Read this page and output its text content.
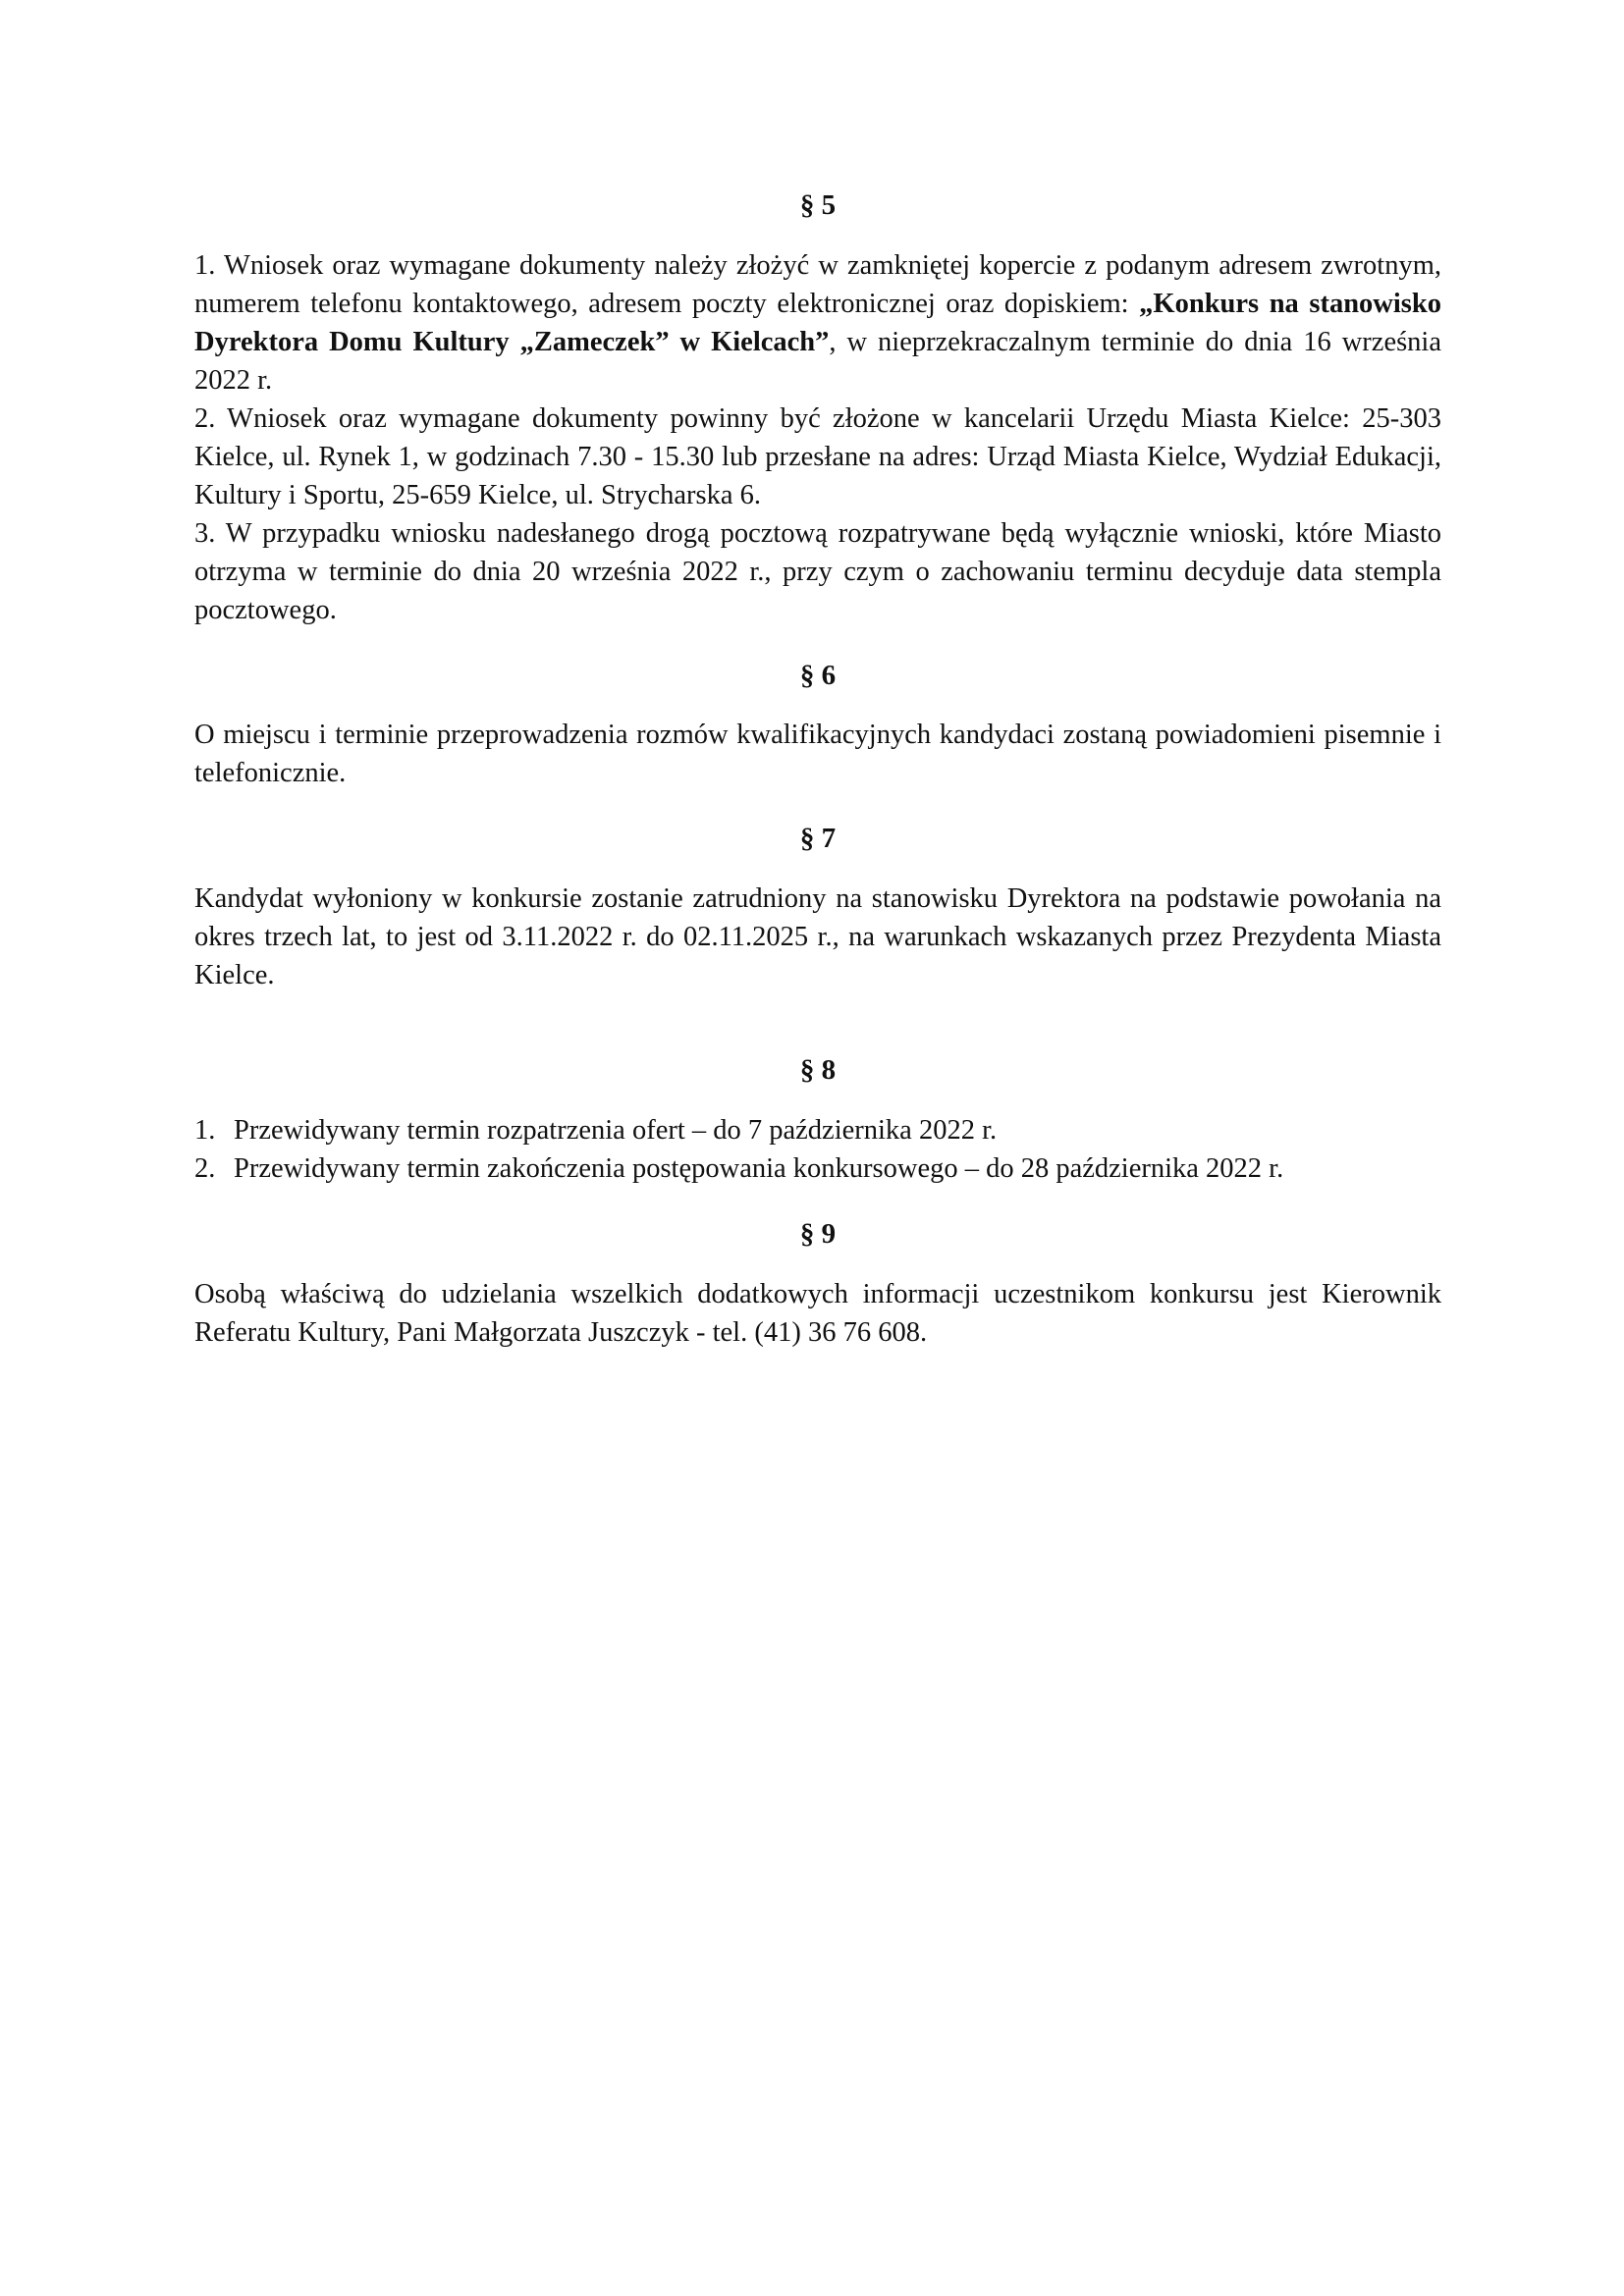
§ 5

1. Wniosek oraz wymagane dokumenty należy złożyć w zamkniętej kopercie z podanym adresem zwrotnym, numerem telefonu kontaktowego, adresem poczty elektronicznej oraz dopiskiem: „Konkurs na stanowisko Dyrektora Domu Kultury „Zameczek” w Kielcach”, w nieprzekraczalnym terminie do dnia 16 września 2022 r.

2. Wniosek oraz wymagane dokumenty powinny być złożone w kancelarii Urzędu Miasta Kielce: 25-303 Kielce, ul. Rynek 1, w godzinach 7.30 - 15.30 lub przesłane na adres: Urząd Miasta Kielce, Wydział Edukacji, Kultury i Sportu, 25-659 Kielce, ul. Strycharska 6.

3. W przypadku wniosku nadesłanego drogą pocztową rozpatrywane będą wyłącznie wnioski, które Miasto otrzyma w terminie do dnia 20 września 2022 r., przy czym o zachowaniu terminu decyduje data stempla pocztowego.

§ 6

O miejscu i terminie przeprowadzenia rozmów kwalifikacyjnych kandydaci zostaną powiadomieni pisemnie i telefonicznie.

§ 7

Kandydat wyłoniony w konkursie zostanie zatrudniony na stanowisku Dyrektora na podstawie powołania na okres trzech lat, to jest od 3.11.2022 r. do 02.11.2025 r., na warunkach wskazanych przez Prezydenta Miasta Kielce.

§ 8

1. Przewidywany termin rozpatrzenia ofert – do 7 października 2022 r.

2. Przewidywany termin zakończenia postępowania konkursowego – do 28 października 2022 r.

§ 9

Osobą właściwą do udzielania wszelkich dodatkowych informacji uczestnikom konkursu jest Kierownik Referatu Kultury, Pani Małgorzata Juszczyk - tel. (41) 36 76 608.
